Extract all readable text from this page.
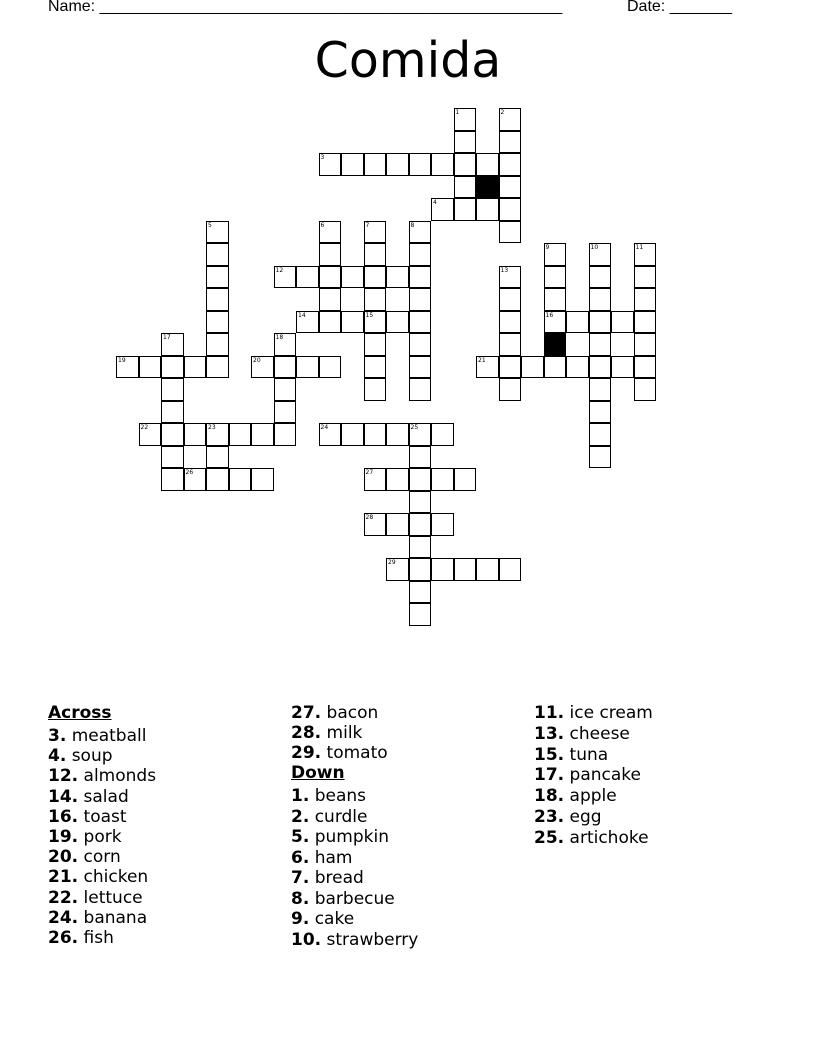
Name: ____________________________________________________	Date: _______
Comida
1	2
3
4
5	6	7
15
8
9
16
10	11
12	13
14
17	18
19	20	21
22	23	24	25
26	27
28
29
Across
3. meatball
4. soup
12. almonds
14. salad
16. toast
19. pork
20. corn
21. chicken
22. lettuce
24. banana
26. fish
27. bacon
28. milk
29. tomato
Down
1. beans
2. curdle
5. pumpkin
6. ham
7. bread
8. barbecue
9. cake
10. strawberry
11. ice cream
13. cheese
15. tuna
17. pancake
18. apple
23. egg
25. artichoke
